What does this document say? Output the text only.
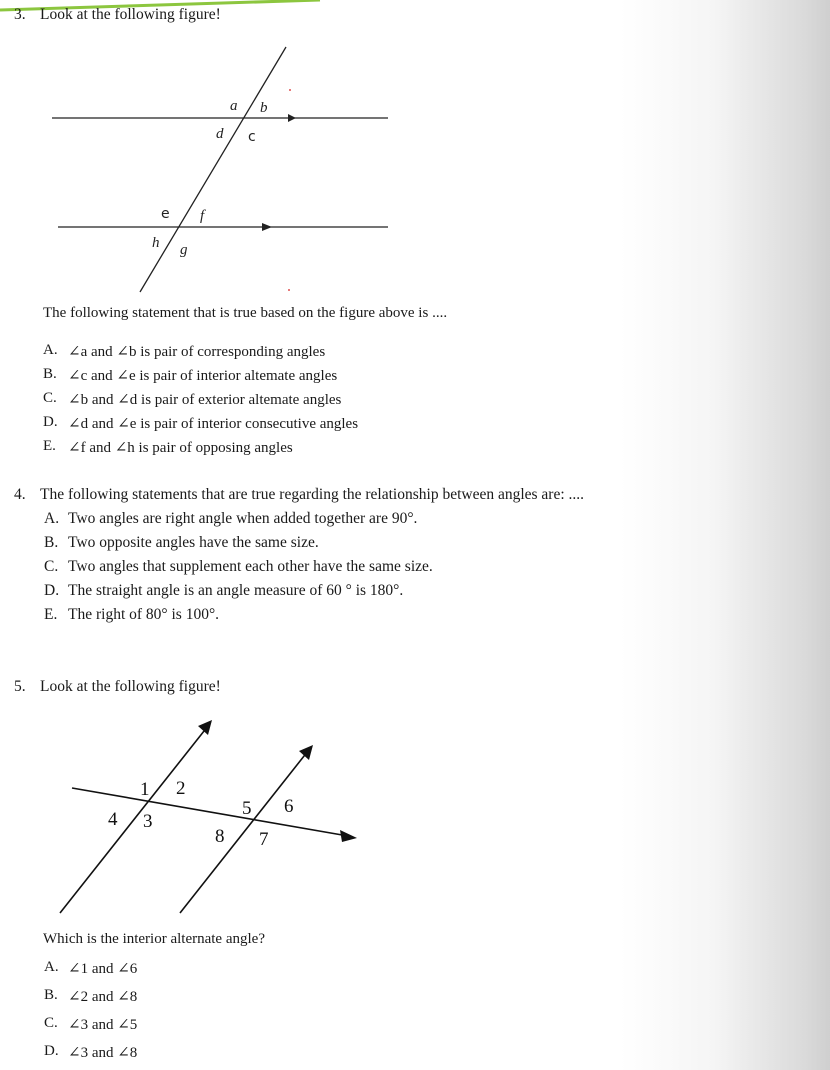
3. Look at the following figure!
a b
d c
e f
h g
The following statement that is true based on the figure above is ....
A. ∠a and ∠b is pair of corresponding angles
B. ∠c and ∠e is pair of interior altemate angles
C. ∠b and ∠d is pair of exterior altemate angles
D. ∠d and ∠e is pair of interior consecutive angles
E. ∠f and ∠h is pair of opposing angles
4. The following statements that are true regarding the relationship between angles are: ....
A. Two angles are right angle when added together are 90°.
B. Two opposite angles have the same size.
C. Two angles that supplement each other have the same size.
D. The straight angle is an angle measure of 60 ° is 180°.
E. The right of 80° is 100°.
5. Look at the following figure!
1 2
4 3
5 6
8 7
Which is the interior alternate angle?
A. ∠1 and ∠6
B. ∠2 and ∠8
C. ∠3 and ∠5
D. ∠3 and ∠8
